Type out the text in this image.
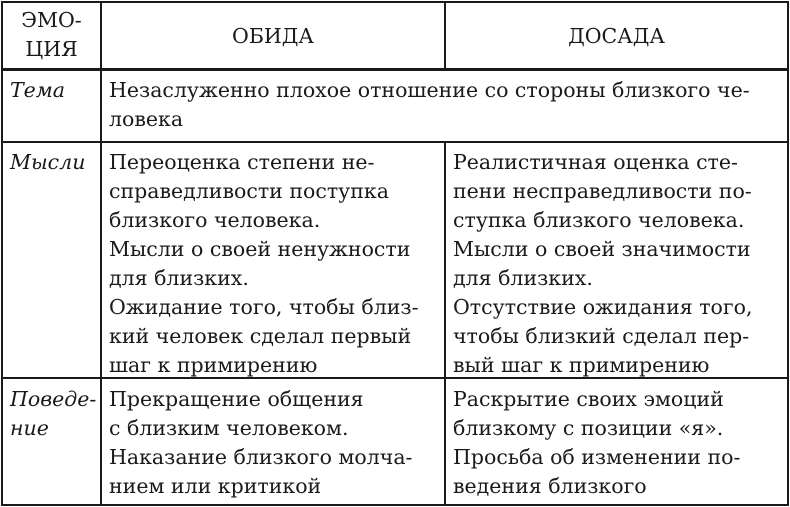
ЭМО-
ЦИЯ
ОБИДА	ДОСАДА
Тема Незаслуженно плохое отношение со стороны близкого че-
ловека
Мысли Переоценка степени не-
справедливости поступка
близкого человека.
Мысли о своей ненужности
для близких.
Ожидание того, чтобы близ-
кий человек сделал первый
шаг к примирению
Реалистичная оценка сте-
пени несправедливости по-
ступка близкого человека.
Мысли о своей значимости
для близких.
Отсутствие ожидания того,
чтобы близкий сделал пер-
вый шаг к примирению
Поведе-
ние
Прекращение общения
с близким человеком.
Наказание близкого молча-
нием или критикой
Раскрытие своих эмоций
близкому с позиции «я».
Просьба об изменении по-
ведения близкого
